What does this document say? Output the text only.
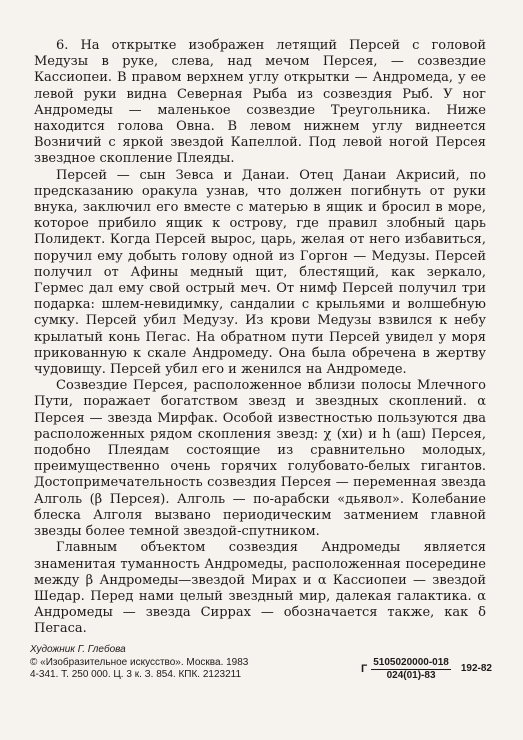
6. На открытке изображен летящий Персей с головой Медузы в руке, слева, над мечом Персея, — созвездие Кассиопеи. В правом верхнем углу открытки — Андромеда, у ее левой руки видна Северная Рыба из созвездия Рыб. У ног Андромеды — маленькое созвездие Треугольника. Ниже находится голова Овна. В левом нижнем углу виднеется Возничий с яркой звездой Капеллой. Под левой ногой Персея звездное скопление Плеяды.

Персей — сын Зевса и Данаи. Отец Данаи Акрисий, по предсказанию оракула узнав, что должен погибнуть от руки внука, заключил его вместе с матерью в ящик и бросил в море, которое прибило ящик к острову, где правил злобный царь Полидект. Когда Персей вырос, царь, желая от него избавиться, поручил ему добыть голову одной из Горгон — Медузы. Персей получил от Афины медный щит, блестящий, как зеркало, Гермес дал ему свой острый меч. От нимф Персей получил три подарка: шлем-невидимку, сандалии с крыльями и волшебную сумку. Персей убил Медузу. Из крови Медузы взвился к небу крылатый конь Пегас. На обратном пути Персей увидел у моря прикованную к скале Андромеду. Она была обречена в жертву чудовищу. Персей убил его и женился на Андромеде.

Созвездие Персея, расположенное вблизи полосы Млечного Пути, поражает богатством звезд и звездных скоплений. α Персея — звезда Мирфак. Особой известностью пользуются два расположенных рядом скопления звезд: χ (хи) и h (аш) Персея, подобно Плеядам состоящие из сравнительно молодых, преимущественно очень горячих голубовато-белых гигантов. Достопримечательность созвездия Персея — переменная звезда Алголь (β Персея). Алголь — по-арабски «дьявол». Колебание блеска Алголя вызвано периодическим затмением главной звезды более темной звездой-спутником.

Главным объектом созвездия Андромеды является знаменитая туманность Андромеды, расположенная посередине между β Андромеды—звездой Мирах и α Кассиопеи — звездой Шедар. Перед нами целый звездный мир, далекая галактика. α Андромеды — звезда Сиррах — обозначается также, как δ Пегаса.

Художник Г. Глебова
© «Изобразительное искусство». Москва. 1983
4-341. Т. 250 000. Ц. 3 к. З. 854. КПК. 2123211	Г $\frac{5105020000-018}{024(01)-83} 192-82$
